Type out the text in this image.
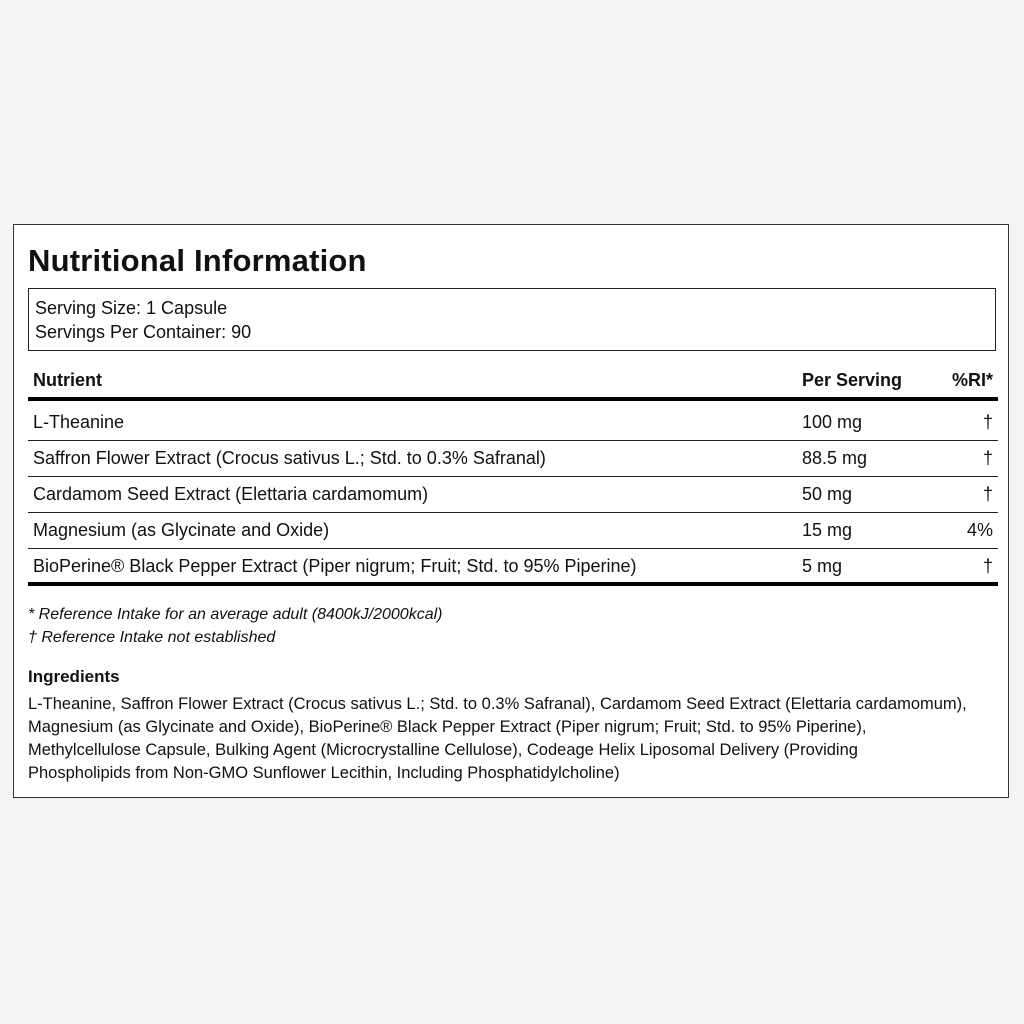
Nutritional Information
Serving Size: 1 Capsule
Servings Per Container: 90
Nutrient	Per Serving	%RI*
L-Theanine	100 mg	†
Saffron Flower Extract (Crocus sativus L.; Std. to 0.3% Safranal)	88.5 mg	†
Cardamom Seed Extract (Elettaria cardamomum)	50 mg	†
Magnesium (as Glycinate and Oxide)	15 mg	4%
BioPerine® Black Pepper Extract (Piper nigrum; Fruit; Std. to 95% Piperine)	5 mg	†
* Reference Intake for an average adult (8400kJ/2000kcal)
† Reference Intake not established
Ingredients
L-Theanine, Saffron Flower Extract (Crocus sativus L.; Std. to 0.3% Safranal), Cardamom Seed Extract (Elettaria cardamomum),
Magnesium (as Glycinate and Oxide), BioPerine® Black Pepper Extract (Piper nigrum; Fruit; Std. to 95% Piperine),
Methylcellulose Capsule, Bulking Agent (Microcrystalline Cellulose), Codeage Helix Liposomal Delivery (Providing
Phospholipids from Non-GMO Sunflower Lecithin, Including Phosphatidylcholine)
